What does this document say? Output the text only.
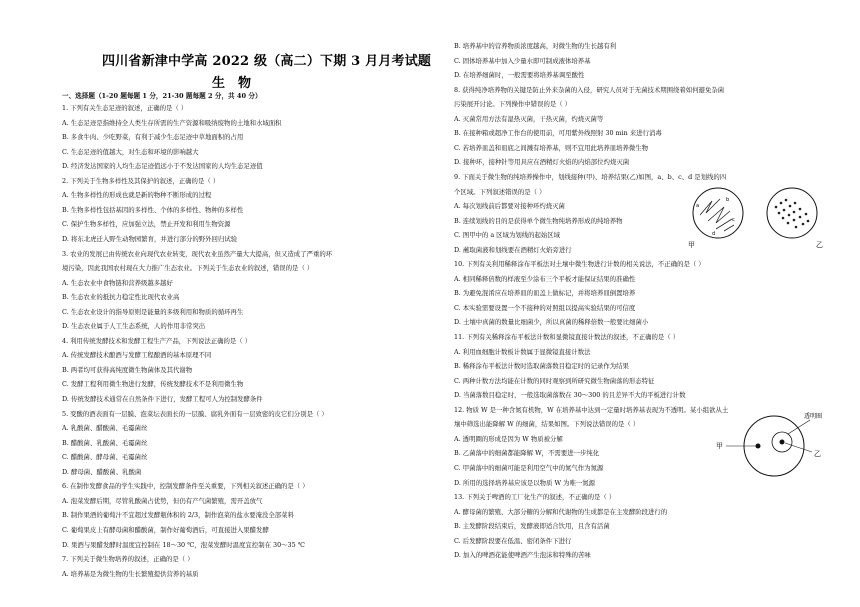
四川省新津中学高 2022 级（高二）下期 3 月月考试题
生　物
一、选择题（1-20 题每题 1 分，21-30 题每题 2 分，共 40 分）
1. 下列有关生态足迹的叙述，正确的是（ ）
A. 生态足迹是指维持全人类生存所需的生产资源和吸纳废物的土地和水域面积
B. 多食牛肉、少吃野菜，有利于减少生态足迹中草地面积的占用
C. 生态足迹的值越大，对生态和环境的影响越大
D. 经济发达国家的人均生态足迹值远小于不发达国家的人均生态足迹值
2. 下列关于生物多样性及其保护的叙述，正确的是（ ）
A. 生物多样性的形成也就是新的物种不断形成的过程
B. 生物多样性包括基因的多样性、个体的多样性、物种的多样性
C. 保护生物多样性，应加强立法，禁止开发和利用生物资源
D. 将东北虎迁入野生动物园繁育，并进行部分的野外回归试验
3. 农业的发展已由传统农业向现代农业转变，现代农业虽然产量大大提高，但又造成了严重的环
境污染，因此我国农村现在大力推广生态农业。下列关于生态农业的叙述，错误的是（ ）
A. 生态农业中食物链和营养级越多越好
B. 生态农业的抵抗力稳定性比现代农业高
C. 生态农业设计的指导原则是能量的多级利用和物质的循环再生
D. 生态农业属于人工生态系统，人的作用非常突出
4. 利用传统发酵技术和发酵工程生产产品，下列说法正确的是（ ）
A. 传统发酵技术酿酒与发酵工程酿酒的基本原理不同
B. 两者均可获得高纯度微生物菌体及其代谢物
C. 发酵工程利用微生物进行发酵，传统发酵技术不是利用微生物
D. 传统发酵技术通常在自然条件下进行，发酵工程可人为控制发酵条件
5. 变酸的酒表面有一层膜、泡菜坛表面长的一层膜、腐乳外面有一层致密的皮它们分别是（ ）
A. 乳酸菌、醋酸菌、毛霉菌丝
B. 醋酸菌、乳酸菌、毛霉菌丝
C. 醋酸菌、酵母菌、毛霉菌丝
D. 酵母菌、醋酸菌、乳酸菌
6. 在制作发酵食品的学生实践中，控制发酵条件至关重要，下列相关叙述正确的是（ ）
A. 泡菜发酵后期，尽管乳酸菌占优势，但仍有产气菌繁殖，需开盖放气
B. 制作果酒的葡萄汁不宜超过发酵瓶体积的 2/3，制作泡菜的盐水要淹没全部菜料
C. 葡萄果皮上有酵母菌和醋酸菌，制作好葡萄酒后，可直接进入果醋发酵
D. 果酒与果醋发酵时温度宜控制在 18～30 ℃，泡菜发酵时温度宜控制在 30～35 ℃
7. 下列关于微生物培养的叙述，正确的是（ ）
A. 培养基是为微生物的生长繁殖提供营养的基质
B. 培养基中的营养物质浓度越高，对微生物的生长越有利
C. 固体培养基中加入少量水即可制成液体培养基
D. 在培养细菌时，一般需要将培养基调至酸性
8. 获得纯净培养物的关键是防止外来杂菌的入侵，研究人员对于无菌技术期围绕着如何避免杂菌
污染展开讨论。下列操作中错误的是（ ）
A. 灭菌常用方法有湿热灭菌，干热灭菌，灼烧灭菌等
B. 在接种箱或超净工作台的使用前，可用紫外线照射 30 min 来进行消毒
C. 若培养皿盖和皿底之间溅有培养基，则不宜用此培养皿培养微生物
D. 接种环，接种针等用具应在酒精灯火焰的内焰部位灼烧灭菌
9. 下面关于微生物的纯培养操作中，划线接种(甲)、培养结果(乙)如图，a、b、c、d 是划线的四
个区域。下列叙述错误的是（ ）
A. 每次划线前后都要对接种环灼烧灭菌
B. 连续划线的目的是获得单个微生物纯培养形成的纯培养物
C. 图甲中的 a 区域为划线的起始区域
D. 蘸取菌液和划线要在酒精灯火焰旁进行
10. 下列有关利用稀释涂布平板法对土壤中微生物进行计数的相关说法，不正确的是（ ）
A. 相同稀释倍数的样液至少涂布三个平板才能保证结果的准确性
B. 为避免混淆应在培养皿的皿盖上做标记，并将培养皿倒置培养
C. 本实验需要设置一个不接种的对照组以提高实验结果的可信度
D. 土壤中真菌的数量比细菌少，所以真菌的稀释倍数一般要比细菌小
11. 下列有关稀释涂布平板法计数和显微镜直接计数法的叙述，不正确的是（ ）
A. 利用血细胞计数板计数属于显微镜直接计数法
B. 稀释涂布平板法计数时选取菌落数目稳定时的记录作为结果
C. 两种计数方法均能在计数的同时观察到所研究微生物菌落的形态特征
D. 当菌落数目稳定时，一般选取菌落数在 30～300 的且差异不大的平板进行计数
12. 物质 W 是一种含氮有机物，W 在培养基中达到一定量时培养基表现为不透明。某小组欲从土
壤中筛选出能降解 W 的细菌，结果如图。下列说法错误的是（ ）
A. 透明圈的形成是因为 W 物质被分解
B. 乙菌落中的细菌都能降解 W，不需要进一步纯化
C. 甲菌落中的细菌可能是利用空气中的氮气作为氮源
D. 所用的选择培养基应该是以物质 W 为唯一氮源
13. 下列关于啤酒的工厂化生产的叙述，不正确的是（ ）
A. 酵母菌的繁殖、大部分糖的分解和代谢物的生成都是在主发酵阶段进行的
B. 主发酵阶段结束后，发酵液即适合饮用，且含有活菌
C. 后发酵阶段要在低温、密闭条件下进行
D. 加入的啤酒花能使啤酒产生泡沫和特殊的苦味
a
b
c
d
甲	乙
透明圈
甲
乙
